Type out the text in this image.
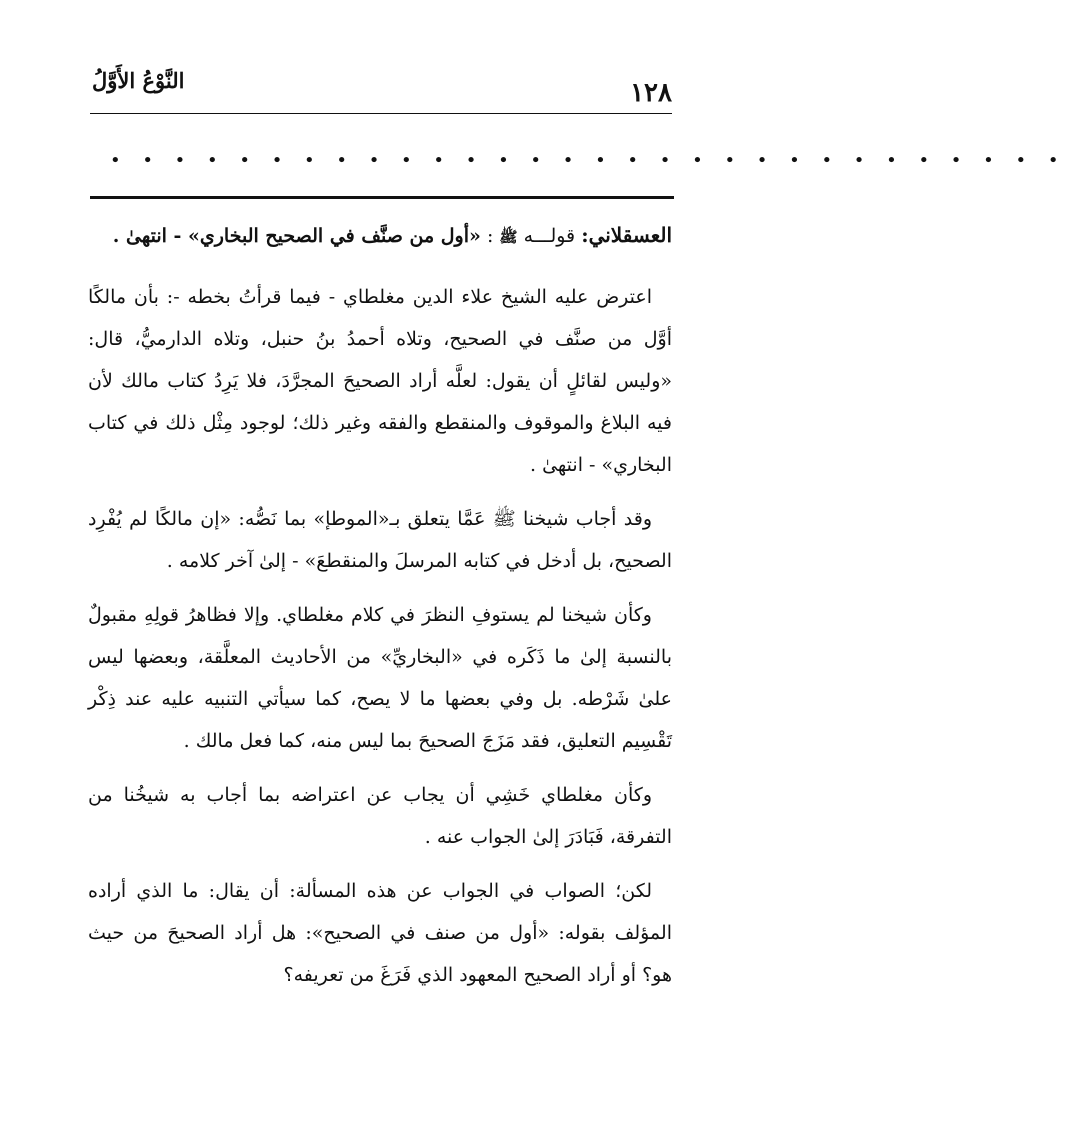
١٢٨
النَّوْعُ الأَوَّلُ
• • • • • • • • • • • • • • • • • • • • • • • • • • • • • •

العسقلاني: قولـــه ﷺ : «أول من صنَّف في الصحيح البخاري» - انتهىٰ .

اعترض عليه الشيخ علاء الدين مغلطاي - فيما قرأتُ بخطه -: بأن مالكًا أوَّل من صنَّف في الصحيح، وتلاه أحمدُ بنُ حنبل، وتلاه الدارميُّ، قال: «وليس لقائلٍ أن يقول: لعلَّه أراد الصحيحَ المجرَّدَ، فلا يَرِدُ كتاب مالك لأن فيه البلاغ والموقوف والمنقطع والفقه وغير ذلك؛ لوجود مِثْل ذلك في كتاب البخاري» - انتهىٰ .

وقد أجاب شيخنا ﷺ عَمَّا يتعلق بـ«الموطإ» بما نَصُّه: «إن مالكًا لم يُفْرِد الصحيح، بل أدخل في كتابه المرسلَ والمنقطعَ» - إلىٰ آخر كلامه .

وكأن شيخنا لم يستوفِ النظرَ في كلام مغلطاي. وإلا فظاهرُ قولِهِ مقبولٌ بالنسبة إلىٰ ما ذَكَره في «البخاريِّ» من الأحاديث المعلَّقة، وبعضها ليس علىٰ شَرْطه. بل وفي بعضها ما لا يصح، كما سيأتي التنبيه عليه عند ذِكْر تَقْسِيم التعليق، فقد مَزَجَ الصحيحَ بما ليس منه، كما فعل مالك .

وكأن مغلطاي خَشِي أن يجاب عن اعتراضه بما أجاب به شيخُنا من التفرقة، فَبَادَرَ إلىٰ الجواب عنه .

لكن؛ الصواب في الجواب عن هذه المسألة: أن يقال: ما الذي أراده المؤلف بقوله: «أول من صنف في الصحيح»: هل أراد الصحيحَ من حيث هو؟ أو أراد الصحيح المعهود الذي فَرَغَ من تعريفه؟
